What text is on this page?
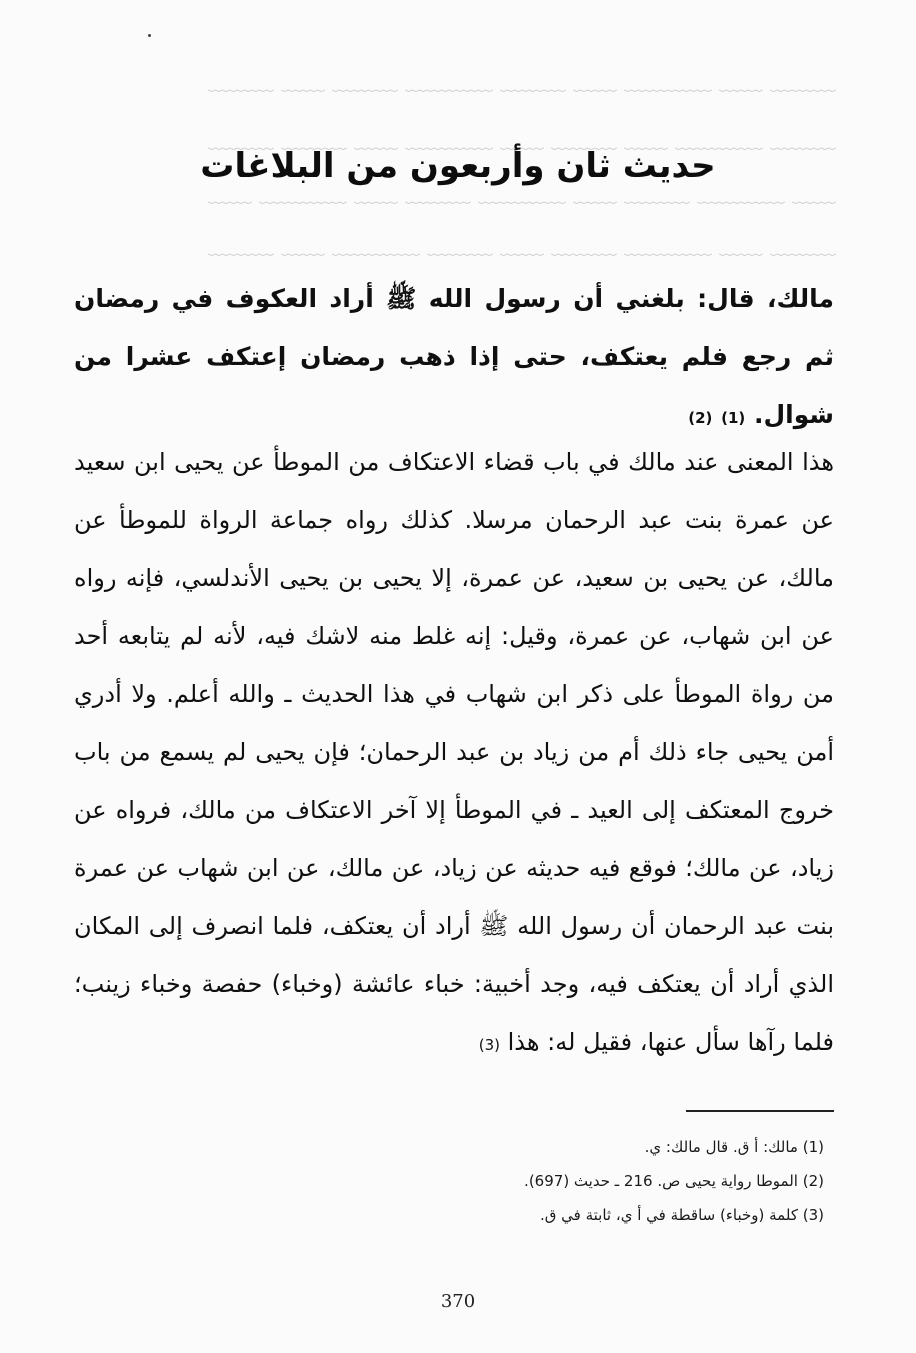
﹏﹏﹏ ﹏﹏ ﹏﹏﹏﹏ ﹏﹏ ﹏﹏﹏ ﹏﹏﹏﹏ ﹏﹏﹏ ﹏﹏ ﹏﹏﹏
﹏﹏﹏ ﹏﹏﹏﹏ ﹏﹏ ﹏﹏﹏ ﹏﹏ ﹏﹏﹏﹏ ﹏﹏ ﹏﹏﹏ ﹏﹏﹏
﹏﹏ ﹏﹏﹏﹏ ﹏﹏﹏ ﹏﹏ ﹏﹏﹏﹏ ﹏﹏﹏ ﹏﹏ ﹏﹏﹏﹏ ﹏﹏
﹏﹏﹏ ﹏﹏ ﹏﹏﹏﹏ ﹏﹏﹏ ﹏﹏ ﹏﹏﹏ ﹏﹏﹏﹏ ﹏﹏ ﹏﹏﹏
حديث ثان وأربعون من البلاغات
مالك، قال: بلغني أن رسول الله ﷺ أراد العكوف في رمضان ثم رجع فلم يعتكف، حتى إذا ذهب رمضان إعتكف عشرا من شوال. (1) (2)
هذا المعنى عند مالك في باب قضاء الاعتكاف من الموطأ عن يحيى ابن سعيد عن عمرة بنت عبد الرحمان مرسلا. كذلك رواه جماعة الرواة للموطأ عن مالك، عن يحيى بن سعيد، عن عمرة، إلا يحيى بن يحيى الأندلسي، فإنه رواه عن ابن شهاب، عن عمرة، وقيل: إنه غلط منه لاشك فيه، لأنه لم يتابعه أحد من رواة الموطأ على ذكر ابن شهاب في هذا الحديث ـ والله أعلم. ولا أدري أمن يحيى جاء ذلك أم من زياد بن عبد الرحمان؛ فإن يحيى لم يسمع من باب خروج المعتكف إلى العيد ـ في الموطأ إلا آخر الاعتكاف من مالك، فرواه عن زياد، عن مالك؛ فوقع فيه حديثه عن زياد، عن مالك، عن ابن شهاب عن عمرة بنت عبد الرحمان أن رسول الله ﷺ أراد أن يعتكف، فلما انصرف إلى المكان الذي أراد أن يعتكف فيه، وجد أخبية: خباء عائشة (وخباء) حفصة وخباء زينب؛ فلما رآها سأل عنها، فقيل له: هذا (3)
(1) مالك: أ ق. قال مالك: ي.
(2) الموطا رواية يحيى ص. 216 ـ حديث (697).
(3) كلمة (وخباء) ساقطة في أ ي، ثابتة في ق.
370
